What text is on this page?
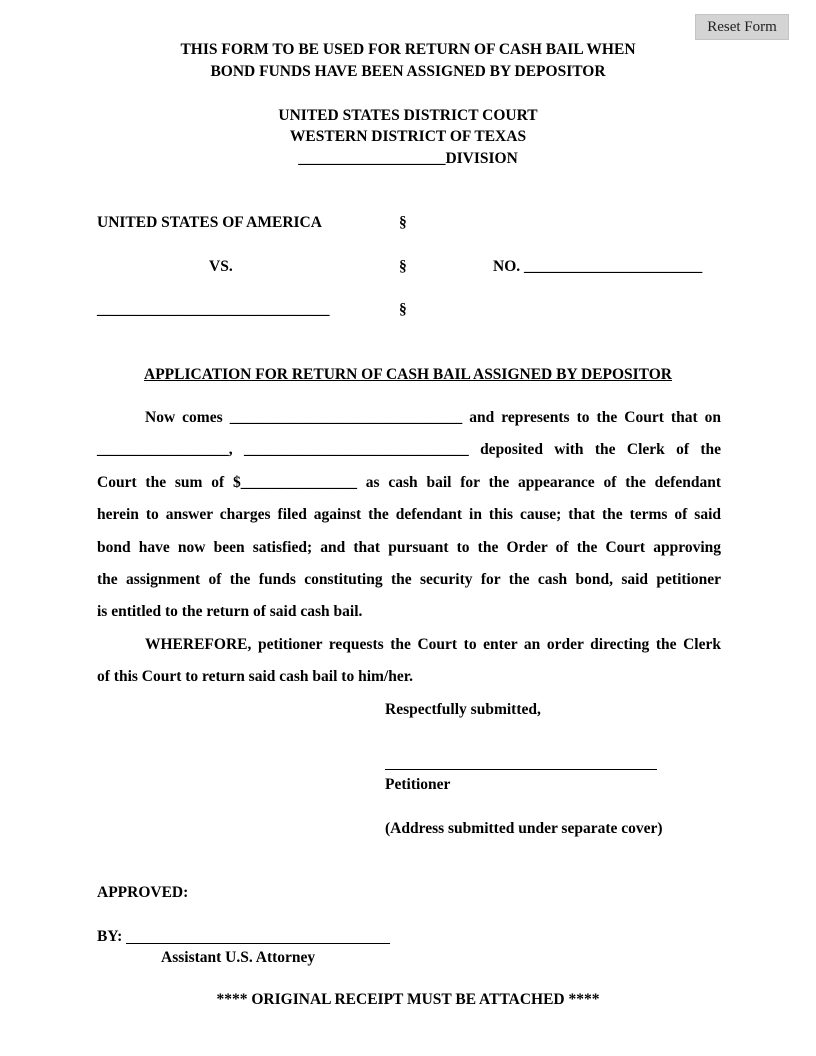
Reset Form
THIS FORM TO BE USED FOR RETURN OF CASH BAIL WHEN
BOND FUNDS HAVE BEEN ASSIGNED BY DEPOSITOR
UNITED STATES DISTRICT COURT
WESTERN DISTRICT OF TEXAS
___________________DIVISION
UNITED STATES OF AMERICA	§
VS.	§	NO. _______________________
______________________________	§
APPLICATION FOR RETURN OF CASH BAIL ASSIGNED BY DEPOSITOR
Now comes ______________________________ and represents to the Court that on
_________________, _____________________________ deposited with the Clerk of the
Court the sum of $_______________ as cash bail for the appearance of the defendant
herein to answer charges filed against the defendant in this cause; that the terms of said
bond have now been satisfied; and that pursuant to the Order of the Court approving
the assignment of the funds constituting the security for the cash bond, said petitioner
is entitled to the return of said cash bail.
WHEREFORE, petitioner requests the Court to enter an order directing the Clerk
of this Court to return said cash bail to him/her.
Respectfully submitted,
Petitioner
(Address submitted under separate cover)
APPROVED:
BY:
Assistant U.S. Attorney
**** ORIGINAL RECEIPT MUST BE ATTACHED ****
